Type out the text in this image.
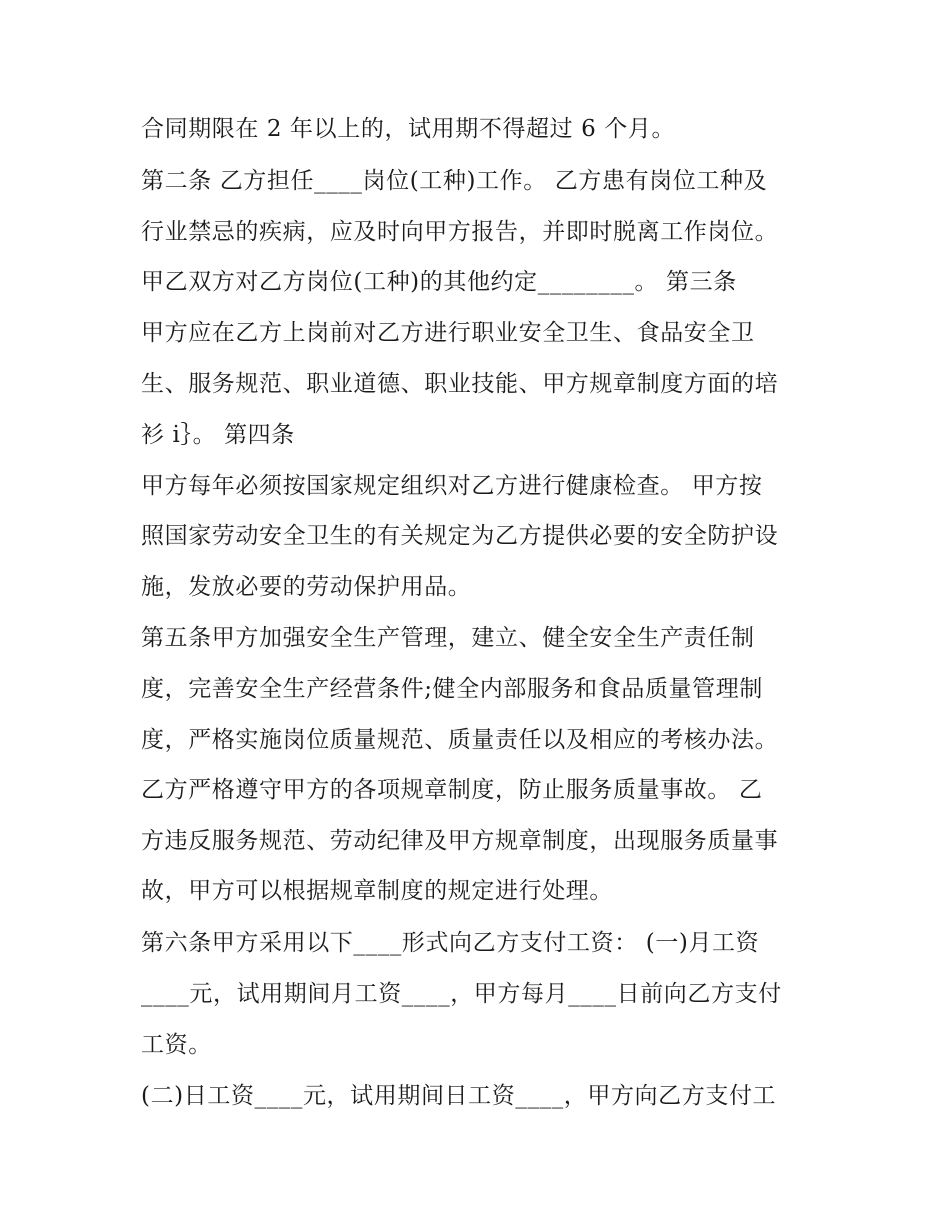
合同期限在 2 年以上的，试用期不得超过 6 个月。
第二条 乙方担任____岗位(工种)工作。 乙方患有岗位工种及
行业禁忌的疾病，应及时向甲方报告，并即时脱离工作岗位。
甲乙双方对乙方岗位(工种)的其他约定________。 第三条
甲方应在乙方上岗前对乙方进行职业安全卫生、食品安全卫
生、服务规范、职业道德、职业技能、甲方规章制度方面的培
衫 i｝。 第四条
甲方每年必须按国家规定组织对乙方进行健康检查。 甲方按
照国家劳动安全卫生的有关规定为乙方提供必要的安全防护设
施，发放必要的劳动保护用品。
第五条甲方加强安全生产管理，建立、健全安全生产责任制
度，完善安全生产经营条件;健全内部服务和食品质量管理制
度，严格实施岗位质量规范、质量责任以及相应的考核办法。
乙方严格遵守甲方的各项规章制度，防止服务质量事故。 乙
方违反服务规范、劳动纪律及甲方规章制度，出现服务质量事
故，甲方可以根据规章制度的规定进行处理。
第六条甲方采用以下____形式向乙方支付工资： (一)月工资
____元，试用期间月工资____，甲方每月____日前向乙方支付
工资。
(二)日工资____元，试用期间日工资____，甲方向乙方支付工
